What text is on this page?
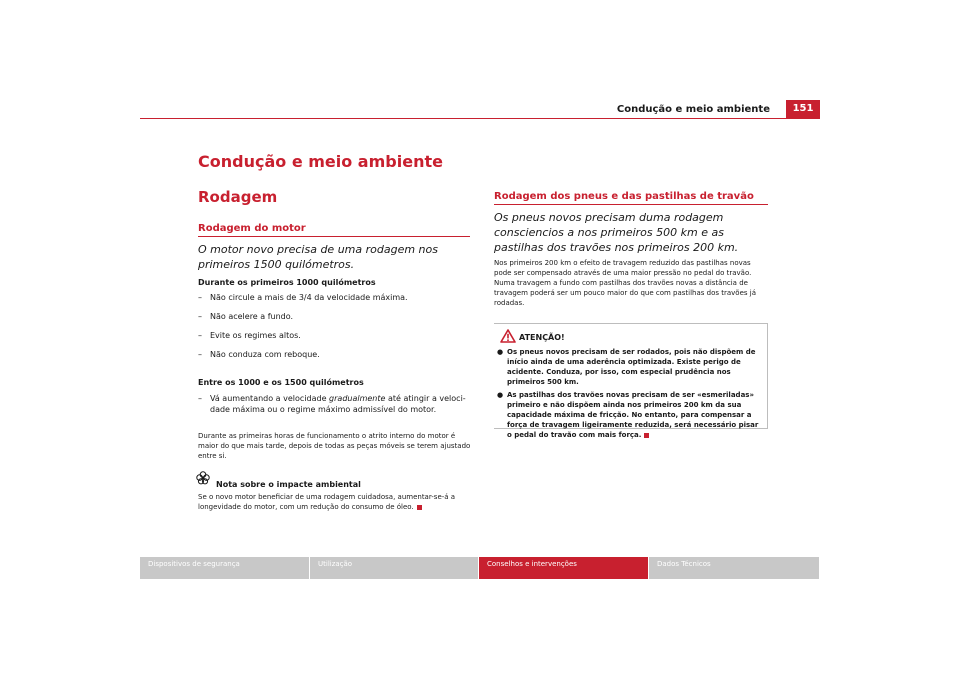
Condução e meio ambiente	151
Condução e meio ambiente
Rodagem
Rodagem do motor
O motor novo precisa de uma rodagem nos primeiros 1500 quilómetros.
Durante os primeiros 1000 quilómetros
–	Não circule a mais de 3/4 da velocidade máxima.
–	Não acelere a fundo.
–	Evite os regimes altos.
–	Não conduza com reboque.
Entre os 1000 e os 1500 quilómetros
–	Vá aumentando a velocidade gradualmente até atingir a velocidade máxima ou o regime máximo admissível do motor.
Durante as primeiras horas de funcionamento o atrito interno do motor é maior do que mais tarde, depois de todas as peças móveis se terem ajustado entre si.
Nota sobre o impacte ambiental
Se o novo motor beneficiar de uma rodagem cuidadosa, aumentar-se-á a longevidade do motor, com um redução do consumo de óleo.
Rodagem dos pneus e das pastilhas de travão
Os pneus novos precisam duma rodagem consciencios a nos primeiros 500 km e as pastilhas dos travões nos primeiros 200 km.
Nos primeiros 200 km o efeito de travagem reduzido das pastilhas novas pode ser compensado através de uma maior pressão no pedal do travão. Numa travagem a fundo com pastilhas dos travões novas a distância de travagem poderá ser um pouco maior do que com pastilhas dos travões já rodadas.
ATENÇÃO!
● Os pneus novos precisam de ser rodados, pois não dispõem de início ainda de uma aderência optimizada. Existe perigo de acidente. Conduza, por isso, com especial prudência nos primeiros 500 km.
● As pastilhas dos travões novas precisam de ser «esmeriladas» primeiro e não dispõem ainda nos primeiros 200 km da sua capacidade máxima de fricção. No entanto, para compensar a força de travagem ligeiramente reduzida, será necessário pisar o pedal do travão com mais força.
Dispositivos de segurança	Utilização	Conselhos e intervenções	Dados Técnicos
